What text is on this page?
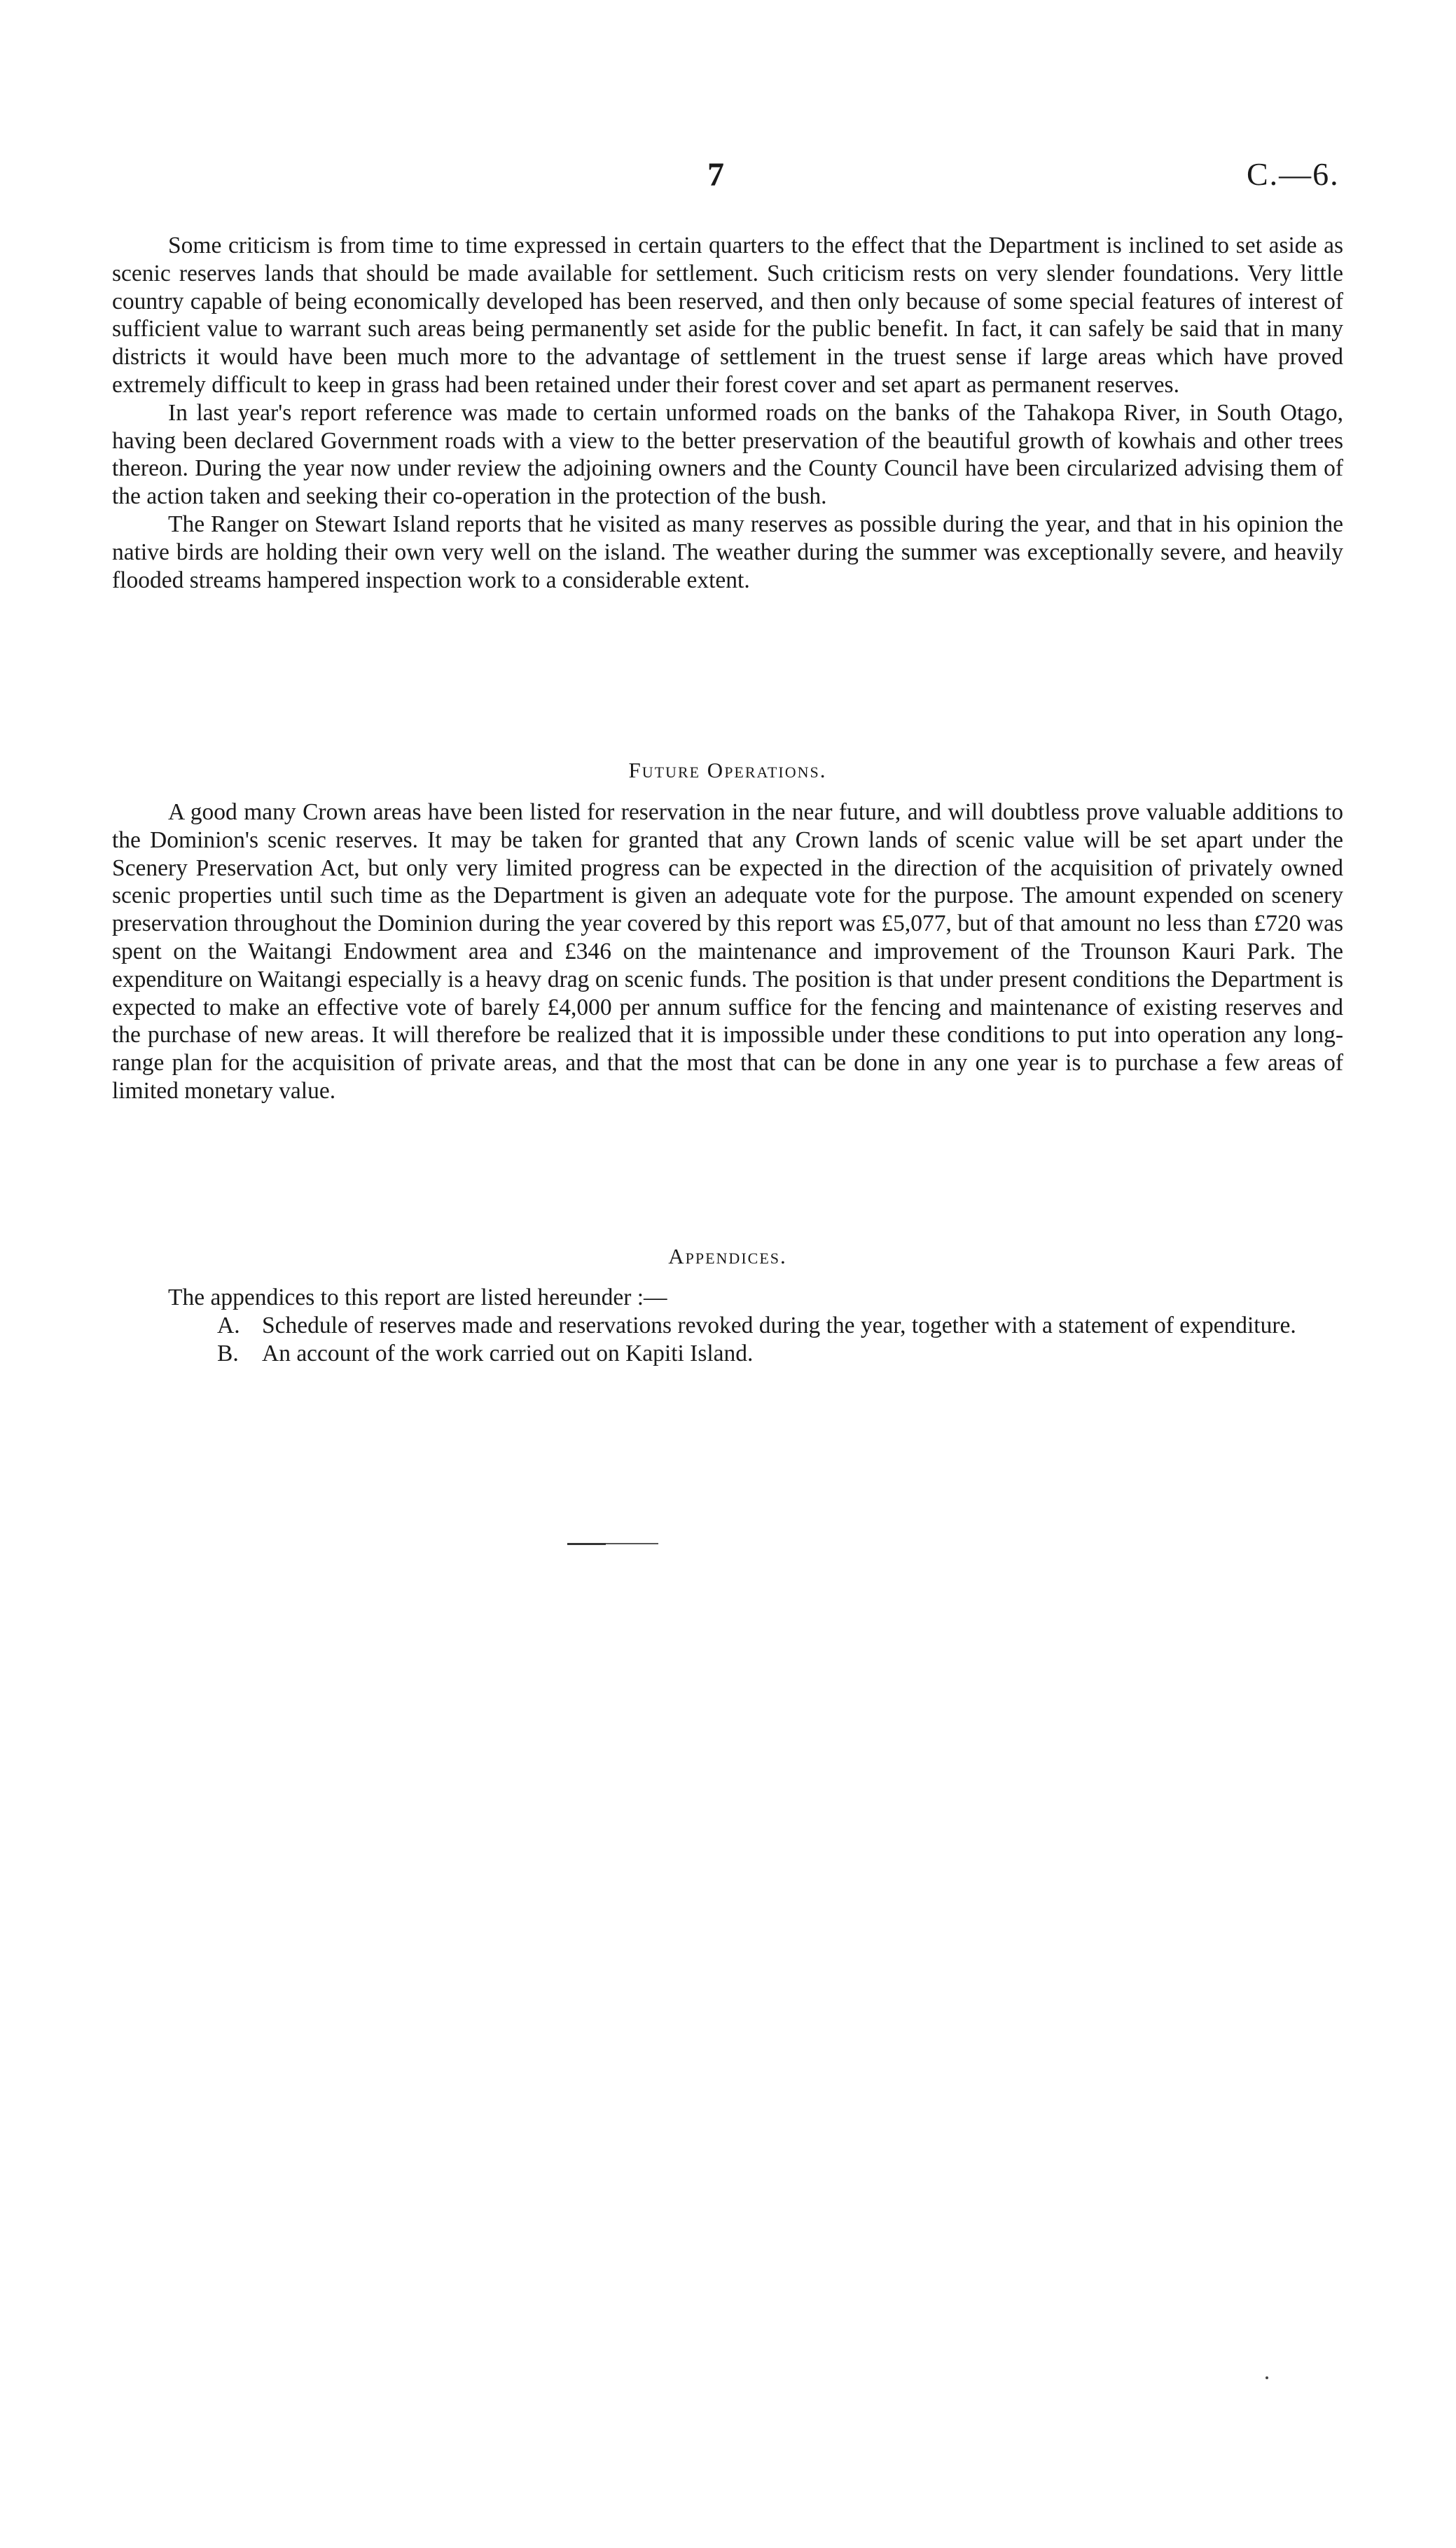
7	C.—6.

Some criticism is from time to time expressed in certain quarters to the effect that the Department is inclined to set aside as scenic reserves lands that should be made available for settlement. Such criticism rests on very slender foundations. Very little country capable of being economically developed has been reserved, and then only because of some special features of interest of sufficient value to warrant such areas being permanently set aside for the public benefit. In fact, it can safely be said that in many districts it would have been much more to the advantage of settlement in the truest sense if large areas which have proved extremely difficult to keep in grass had been retained under their forest cover and set apart as permanent reserves.

In last year's report reference was made to certain unformed roads on the banks of the Tahakopa River, in South Otago, having been declared Government roads with a view to the better preservation of the beautiful growth of kowhais and other trees thereon. During the year now under review the adjoining owners and the County Council have been circularized advising them of the action taken and seeking their co-operation in the protection of the bush.

The Ranger on Stewart Island reports that he visited as many reserves as possible during the year, and that in his opinion the native birds are holding their own very well on the island. The weather during the summer was exceptionally severe, and heavily flooded streams hampered inspection work to a considerable extent.

Future Operations.

A good many Crown areas have been listed for reservation in the near future, and will doubtless prove valuable additions to the Dominion's scenic reserves. It may be taken for granted that any Crown lands of scenic value will be set apart under the Scenery Preservation Act, but only very limited progress can be expected in the direction of the acquisition of privately owned scenic properties until such time as the Department is given an adequate vote for the purpose. The amount expended on scenery preservation throughout the Dominion during the year covered by this report was £5,077, but of that amount no less than £720 was spent on the Waitangi Endowment area and £346 on the maintenance and improvement of the Trounson Kauri Park. The expenditure on Waitangi especially is a heavy drag on scenic funds. The position is that under present conditions the Department is expected to make an effective vote of barely £4,000 per annum suffice for the fencing and maintenance of existing reserves and the purchase of new areas. It will therefore be realized that it is impossible under these conditions to put into operation any long-range plan for the acquisition of private areas, and that the most that can be done in any one year is to purchase a few areas of limited monetary value.

Appendices.

The appendices to this report are listed hereunder :—

A. Schedule of reserves made and reservations revoked during the year, together with a statement of expenditure.
B. An account of the work carried out on Kapiti Island.
